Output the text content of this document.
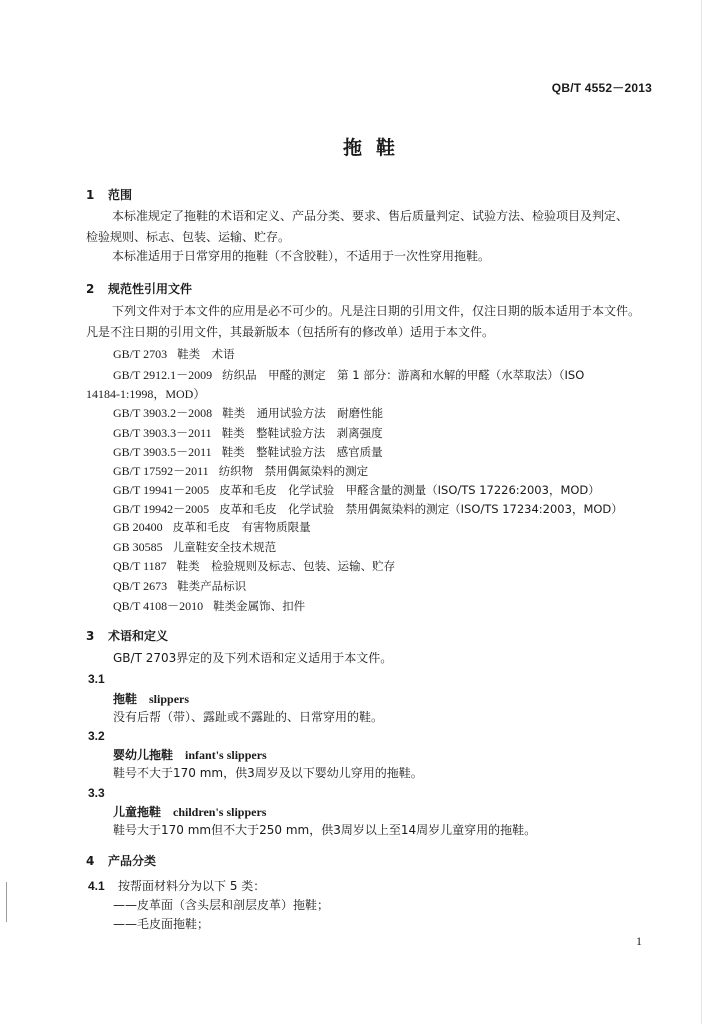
QB/T 4552－2013
拖鞋
1 范围
本标准规定了拖鞋的术语和定义、产品分类、要求、售后质量判定、试验方法、检验项目及判定、
检验规则、标志、包装、运输、贮存。
本标准适用于日常穿用的拖鞋（不含胶鞋），不适用于一次性穿用拖鞋。
2 规范性引用文件
下列文件对于本文件的应用是必不可少的。凡是注日期的引用文件，仅注日期的版本适用于本文件。
凡是不注日期的引用文件，其最新版本（包括所有的修改单）适用于本文件。
GB/T 2703 鞋类　术语
GB/T 2912.1－2009 纺织品　甲醛的测定　第 1 部分：游离和水解的甲醛（水萃取法）（ISO
14184-1:1998，MOD）
GB/T 3903.2－2008 鞋类　通用试验方法　耐磨性能
GB/T 3903.3－2011 鞋类　整鞋试验方法　剥离强度
GB/T 3903.5－2011 鞋类　整鞋试验方法　感官质量
GB/T 17592－2011 纺织物　禁用偶氮染料的测定
GB/T 19941－2005 皮革和毛皮　化学试验　甲醛含量的测量（ISO/TS 17226:2003，MOD）
GB/T 19942－2005 皮革和毛皮　化学试验　禁用偶氮染料的测定（ISO/TS 17234:2003，MOD）
GB 20400 皮革和毛皮　有害物质限量
GB 30585 儿童鞋安全技术规范
QB/T 1187 鞋类　检验规则及标志、包装、运输、贮存
QB/T 2673 鞋类产品标识
QB/T 4108－2010 鞋类金属饰、扣件
3 术语和定义
GB/T 2703界定的及下列术语和定义适用于本文件。
3.1
拖鞋 slippers
没有后帮（带）、露趾或不露趾的、日常穿用的鞋。
3.2
婴幼儿拖鞋 infant's slippers
鞋号不大于170 mm，供3周岁及以下婴幼儿穿用的拖鞋。
3.3
儿童拖鞋 children's slippers
鞋号大于170 mm但不大于250 mm，供3周岁以上至14周岁儿童穿用的拖鞋。
4 产品分类
4.1 按帮面材料分为以下 5 类：
——皮革面（含头层和剖层皮革）拖鞋；
——毛皮面拖鞋；
1
